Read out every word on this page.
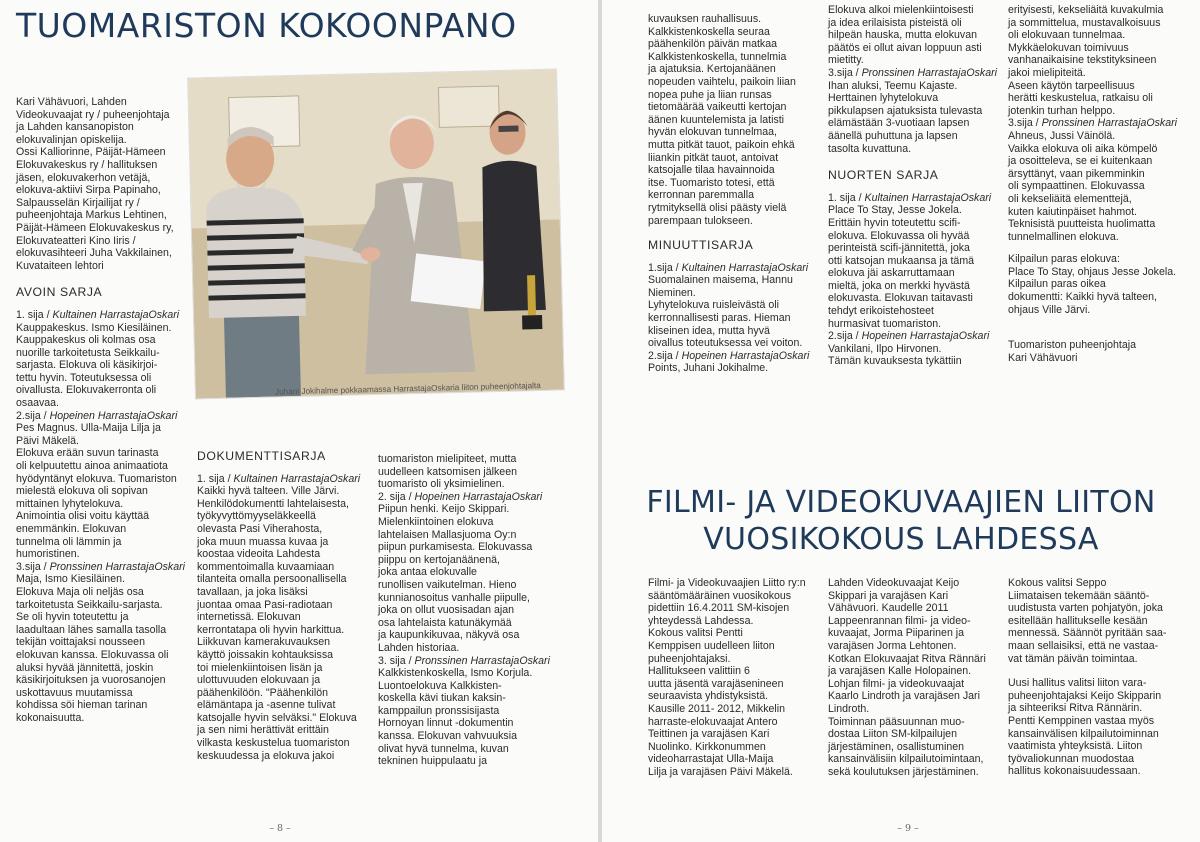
TUOMARISTON KOKOONPANO

Kari Vähävuori, Lahden
Videokuvaajat ry / puheenjohtaja
ja Lahden kansanopiston
elokuvalinjan opiskelija.
Ossi Kalliorinne, Päijät-Hämeen
Elokuvakeskus ry / hallituksen
jäsen, elokuvakerhon vetäjä,
elokuva-aktiivi Sirpa Papinaho,
Salpausselän Kirjailijat ry /
puheenjohtaja Markus Lehtinen,
Päijät-Hämeen Elokuvakeskus ry,
Elokuvateatteri Kino Iiris /
elokuvasihteeri Juha Vakkilainen,
Kuvataiteen lehtori

AVOIN SARJA

1. sija / Kultainen HarrastajaOskari

Kauppakeskus. Ismo Kiesiläinen.
Kauppakeskus oli kolmas osa
nuorille tarkoitetusta Seikkailu-
sarjasta. Elokuva oli käsikirjoi-
tettu hyvin. Toteutuksessa oli
oivallusta. Elokuvakerronta oli
osaavaa.

2.sija / Hopeinen HarrastajaOskari

Pes Magnus. Ulla-Maija Lilja ja
Päivi Mäkelä.
Elokuva erään suvun tarinasta
oli kelpuutettu ainoa animaatiota
hyödyntänyt elokuva. Tuomariston
mielestä elokuva oli sopivan
mittainen lyhytelokuva.
Animointia olisi voitu käyttää
enemmänkin. Elokuvan
tunnelma oli lämmin ja
humoristinen.

3.sija / Pronssinen HarrastajaOskari

Maja, Ismo Kiesiläinen.
Elokuva Maja oli neljäs osa
tarkoitetusta Seikkailu-sarjasta.
Se oli hyvin toteutettu ja
laadultaan lähes samalla tasolla
tekijän voittajaksi nousseen
elokuvan kanssa. Elokuvassa oli
aluksi hyvää jännitettä, joskin
käsikirjoituksen ja vuorosanojen
uskottavuus muutamissa
kohdissa söi hieman tarinan
kokonaisuutta.

Juhani Jokihalme pokkaamassa HarrastajaOskaria liiton puheenjohtajalta
DOKUMENTTISARJA

1. sija / Kultainen HarrastajaOskari

Kaikki hyvä talteen. Ville Järvi.
Henkilödokumentti lahtelaisesta,
työkyvyttömyyseläkkeellä
olevasta Pasi Viherahosta,
joka muun muassa kuvaa ja
koostaa videoita Lahdesta
kommentoimalla kuvaamiaan
tilanteita omalla persoonallisella
tavallaan, ja joka lisäksi
juontaa omaa Pasi-radiotaan
internetissä. Elokuvan
kerrontatapa oli hyvin harkittua.
Liikkuvan kamerakuvauksen
käyttö joissakin kohtauksissa
toi mielenkiintoisen lisän ja
ulottuvuuden elokuvaan ja
päähenkilöön. "Päähenkilön
elämäntapa ja -asenne tulivat
katsojalle hyvin selväksi." Elokuva
ja sen nimi herättivät erittäin
vilkasta keskustelua tuomariston
keskuudessa ja elokuva jakoi

tuomariston mielipiteet, mutta
uudelleen katsomisen jälkeen
tuomaristo oli yksimielinen.

2. sija / Hopeinen HarrastajaOskari

Piipun henki. Keijo Skippari.
Mielenkiintoinen elokuva
lahtelaisen Mallasjuoma Oy:n
piipun purkamisesta. Elokuvassa
piippu on kertojanäänenä,
joka antaa elokuvalle
runollisen vaikutelman. Hieno
kunnianosoitus vanhalle piipulle,
joka on ollut vuosisadan ajan
osa lahtelaista katunäkymää
ja kaupunkikuvaa, näkyvä osa
Lahden historiaa.

3. sija / Pronssinen HarrastajaOskari

Kalkkistenkoskella, Ismo Korjula.
Luontoelokuva Kalkkisten-
koskella kävi tiukan kaksin-
kamppailun pronssisijasta
Hornoyan linnut -dokumentin
kanssa. Elokuvan vahvuuksia
olivat hyvä tunnelma, kuvan
tekninen huippulaatu ja

– 8 –

kuvauksen rauhallisuus.
Kalkkistenkoskella seuraa
päähenkilön päivän matkaa
Kalkkistenkoskella, tunnelmia
ja ajatuksia. Kertojanäänen
nopeuden vaihtelu, paikoin liian
nopea puhe ja liian runsas
tietomäärää vaikeutti kertojan
äänen kuuntelemista ja latisti
hyvän elokuvan tunnelmaa,
mutta pitkät tauot, paikoin ehkä
liiankin pitkät tauot, antoivat
katsojalle tilaa havainnoida
itse. Tuomaristo totesi, että
kerronnan paremmalla
rytmityksellä olisi päästy vielä
parempaan tulokseen.

MINUUTTISARJA

1.sija / Kultainen HarrastajaOskari

Suomalainen maisema, Hannu
Nieminen.
Lyhytelokuva ruisleivästä oli
kerronnallisesti paras. Hieman
kliseinen idea, mutta hyvä
oivallus toteutuksessa vei voiton.

2.sija / Hopeinen HarrastajaOskari

Points, Juhani Jokihalme.

Elokuva alkoi mielenkiintoisesti
ja idea erilaisista pisteistä oli
hilpeän hauska, mutta elokuvan
päätös ei ollut aivan loppuun asti
mietitty.

3.sija / Pronssinen HarrastajaOskari

Ihan aluksi, Teemu Kajaste.
Herttainen lyhytelokuva
pikkulapsen ajatuksista tulevasta
elämästään 3-vuotiaan lapsen
äänellä puhuttuna ja lapsen
tasolta kuvattuna.

NUORTEN SARJA

1. sija / Kultainen HarrastajaOskari

Place To Stay, Jesse Jokela.
Erittäin hyvin toteutettu scifi-
elokuva. Elokuvassa oli hyvää
perinteistä scifi-jännitettä, joka
otti katsojan mukaansa ja tämä
elokuva jäi askarruttamaan
mieltä, joka on merkki hyvästä
elokuvasta. Elokuvan taitavasti
tehdyt erikoistehosteet
hurmasivat tuomariston.

2.sija / Hopeinen HarrastajaOskari

Vankilani, Ilpo Hirvonen.
Tämän kuvauksesta tykättiin

erityisesti, kekseliäitä kuvakulmia
ja sommittelua, mustavalkoisuus
oli elokuvaan tunnelmaa.
Mykkäelokuvan toimivuus
vanhanaikaisine tekstityksineen
jakoi mielipiteitä.
Aseen käytön tarpeellisuus
herätti keskustelua, ratkaisu oli
jotenkin turhan helppo.

3.sija / Pronssinen HarrastajaOskari

Ahneus, Jussi Väinölä.
Vaikka elokuva oli aika kömpelö
ja osoitteleva, se ei kuitenkaan
ärsyttänyt, vaan pikemminkin
oli sympaattinen. Elokuvassa
oli kekseliäitä elementtejä,
kuten kaiutinpäiset hahmot.
Teknisistä puutteista huolimatta
tunnelmallinen elokuva.

Kilpailun paras elokuva:
Place To Stay, ohjaus Jesse Jokela.
Kilpailun paras oikea
dokumentti: Kaikki hyvä talteen,
ohjaus Ville Järvi.

Tuomariston puheenjohtaja
Kari Vähävuori

FILMI- JA VIDEOKUVAAJIEN LIITON
VUOSIKOKOUS LAHDESSA

Filmi- ja Videokuvaajien Liitto ry:n
sääntömääräinen vuosikokous
pidettiin 16.4.2011 SM-kisojen
yhteydessä Lahdessa.

Kokous valitsi Pentti
Kemppisen uudelleen liiton
puheenjohtajaksi.

Hallitukseen valittiin 6
uutta jäsentä varajäsenineen
seuraavista yhdistyksistä.

Kausille 2011- 2012, Mikkelin
harraste-elokuvaajat Antero
Teittinen ja varajäsen Kari
Nuolinko. Kirkkonummen
videoharrastajat Ulla-Maija
Lilja ja varajäsen Päivi Mäkelä.

Lahden Videokuvaajat Keijo
Skippari ja varajäsen Kari
Vähävuori. Kaudelle 2011
Lappeenrannan filmi- ja video-
kuvaajat, Jorma Piiparinen ja
varajäsen Jorma Lehtonen.
Kotkan Elokuvaajat Ritva Rännäri
ja varajäsen Kalle Holopainen.
Lohjan filmi- ja videokuvaajat
Kaarlo Lindroth ja varajäsen Jari
Lindroth.

Toiminnan pääsuunnan muo-
dostaa Liiton SM-kilpailujen
järjestäminen, osallistuminen
kansainvälisiin kilpailutoimintaan,
sekä koulutuksen järjestäminen.

Kokous valitsi Seppo
Liimataisen tekemään sääntö-
uudistusta varten pohjatyön, joka
esitellään hallitukselle kesään
mennessä. Säännöt pyritään saa-
maan sellaisiksi, että ne vastaa-
vat tämän päivän toimintaa.

Uusi hallitus valitsi liiton vara-
puheenjohtajaksi Keijo Skipparin
ja sihteeriksi Ritva Rännärin.

Pentti Kemppinen vastaa myös
kansainvälisen kilpailutoiminnan
vaatimista yhteyksistä. Liiton
työvaliokunnan muodostaa
hallitus kokonaisuudessaan.

– 9 –
